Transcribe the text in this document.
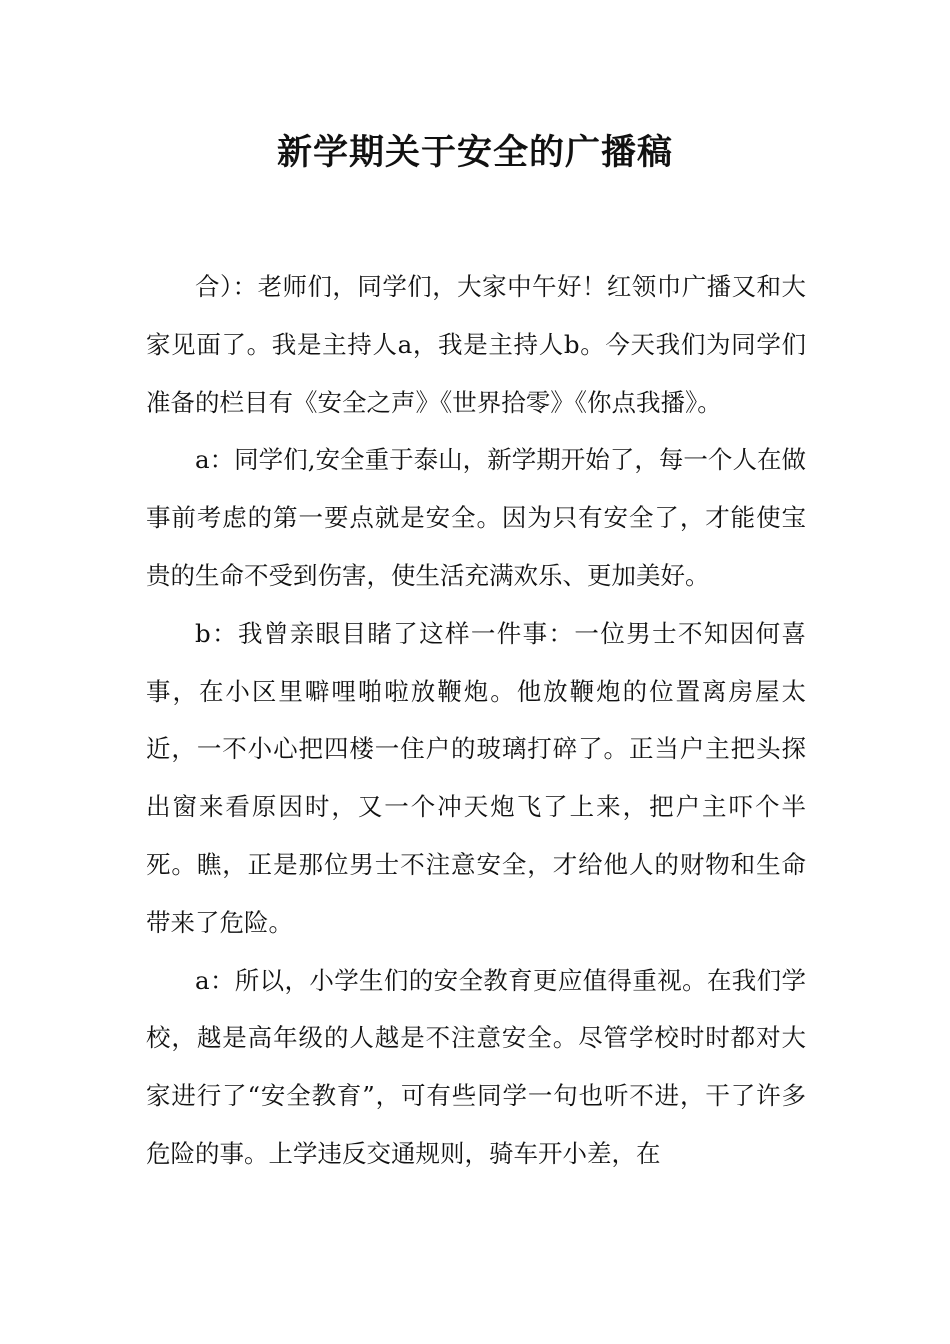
新学期关于安全的广播稿

合）：老师们，同学们，大家中午好！红领巾广播又和大家见面了。我是主持人a，我是主持人b。今天我们为同学们准备的栏目有《安全之声》《世界拾零》《你点我播》。

a：同学们,安全重于泰山，新学期开始了，每一个人在做事前考虑的第一要点就是安全。因为只有安全了，才能使宝贵的生命不受到伤害，使生活充满欢乐、更加美好。

b：我曾亲眼目睹了这样一件事：一位男士不知因何喜事，在小区里噼哩啪啦放鞭炮。他放鞭炮的位置离房屋太近，一不小心把四楼一住户的玻璃打碎了。正当户主把头探出窗来看原因时，又一个冲天炮飞了上来，把户主吓个半死。瞧，正是那位男士不注意安全，才给他人的财物和生命带来了危险。

a：所以，小学生们的安全教育更应值得重视。在我们学校，越是高年级的人越是不注意安全。尽管学校时时都对大家进行了“安全教育”，可有些同学一句也听不进，干了许多危险的事。上学违反交通规则，骑车开小差，在
